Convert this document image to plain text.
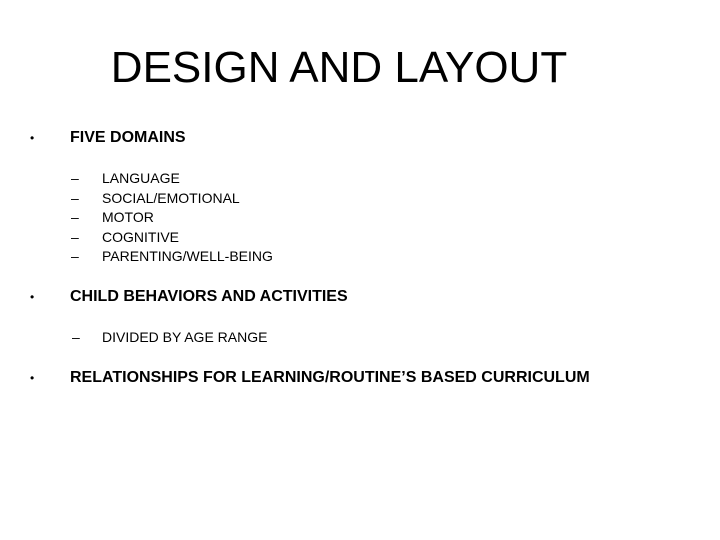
DESIGN AND LAYOUT
• FIVE DOMAINS
– LANGUAGE
– SOCIAL/EMOTIONAL
– MOTOR
– COGNITIVE
– PARENTING/WELL-BEING
• CHILD BEHAVIORS AND ACTIVITIES
– DIVIDED BY AGE RANGE
• RELATIONSHIPS FOR LEARNING/ROUTINE’S BASED CURRICULUM
